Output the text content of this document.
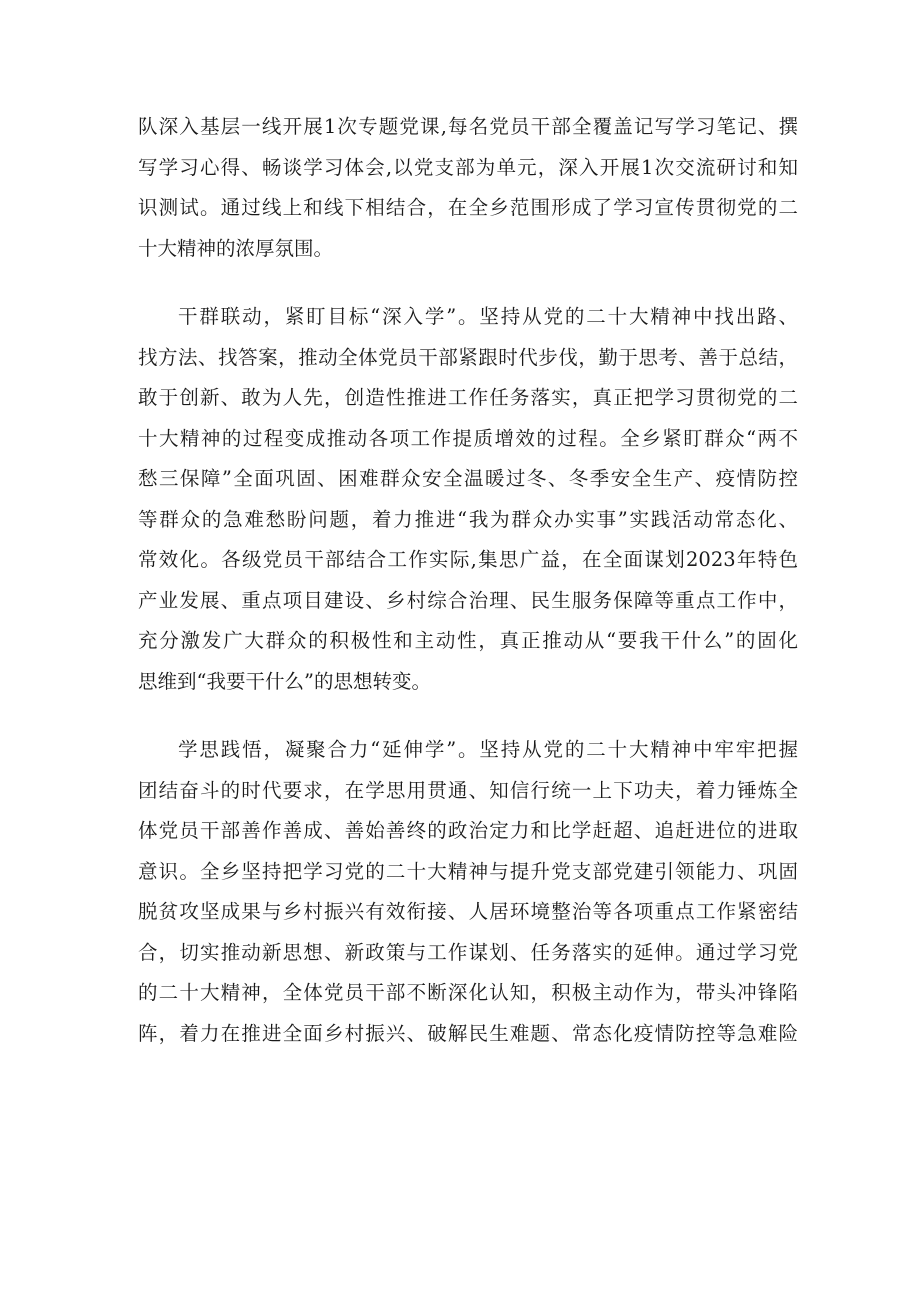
队深入基层一线开展1次专题党课,每名党员干部全覆盖记写学习笔记、撰
写学习心得、畅谈学习体会,以党支部为单元，深入开展1次交流研讨和知
识测试。通过线上和线下相结合，在全乡范围形成了学习宣传贯彻党的二
十大精神的浓厚氛围。
干群联动，紧盯目标“深入学”。坚持从党的二十大精神中找出路、
找方法、找答案，推动全体党员干部紧跟时代步伐，勤于思考、善于总结，
敢于创新、敢为人先，创造性推进工作任务落实，真正把学习贯彻党的二
十大精神的过程变成推动各项工作提质增效的过程。全乡紧盯群众“两不
愁三保障”全面巩固、困难群众安全温暖过冬、冬季安全生产、疫情防控
等群众的急难愁盼问题，着力推进“我为群众办实事”实践活动常态化、
常效化。各级党员干部结合工作实际,集思广益，在全面谋划2023年特色
产业发展、重点项目建设、乡村综合治理、民生服务保障等重点工作中，
充分激发广大群众的积极性和主动性，真正推动从“要我干什么”的固化
思维到“我要干什么”的思想转变。
学思践悟，凝聚合力“延伸学”。坚持从党的二十大精神中牢牢把握
团结奋斗的时代要求，在学思用贯通、知信行统一上下功夫，着力锤炼全
体党员干部善作善成、善始善终的政治定力和比学赶超、追赶进位的进取
意识。全乡坚持把学习党的二十大精神与提升党支部党建引领能力、巩固
脱贫攻坚成果与乡村振兴有效衔接、人居环境整治等各项重点工作紧密结
合，切实推动新思想、新政策与工作谋划、任务落实的延伸。通过学习党
的二十大精神，全体党员干部不断深化认知，积极主动作为，带头冲锋陷
阵，着力在推进全面乡村振兴、破解民生难题、常态化疫情防控等急难险
